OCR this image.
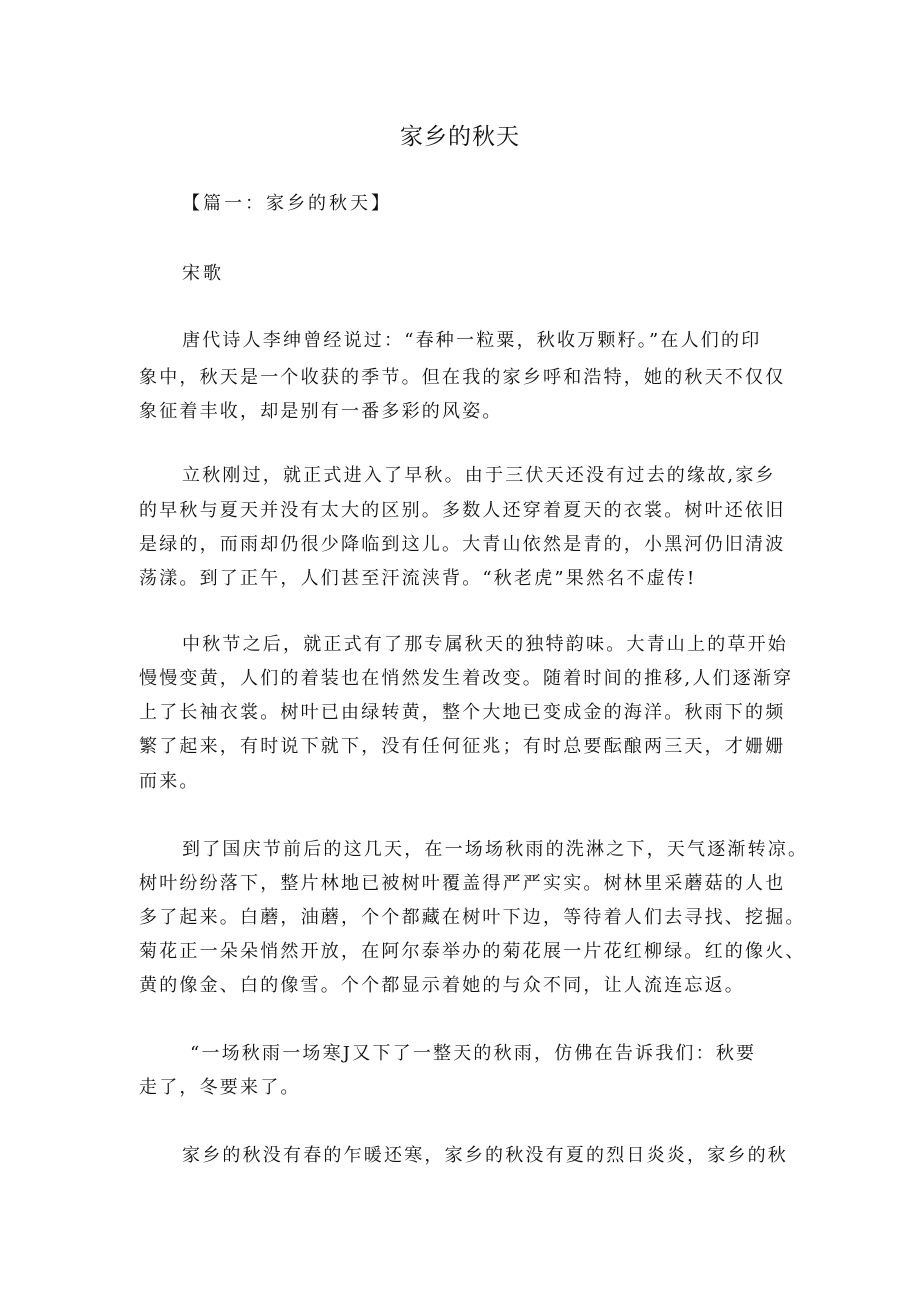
家乡的秋天
【篇一：家乡的秋天】
宋歌
唐代诗人李绅曾经说过：“春种一粒粟，秋收万颗籽。”在人们的印
象中，秋天是一个收获的季节。但在我的家乡呼和浩特，她的秋天不仅仅
象征着丰收，却是别有一番多彩的风姿。
立秋刚过，就正式进入了早秋。由于三伏天还没有过去的缘故,家乡
的早秋与夏天并没有太大的区别。多数人还穿着夏天的衣裳。树叶还依旧
是绿的，而雨却仍很少降临到这儿。大青山依然是青的，小黑河仍旧清波
荡漾。到了正午，人们甚至汗流浃背。“秋老虎”果然名不虚传!
中秋节之后，就正式有了那专属秋天的独特韵味。大青山上的草开始
慢慢变黄，人们的着装也在悄然发生着改变。随着时间的推移,人们逐渐穿
上了长袖衣裳。树叶已由绿转黄，整个大地已变成金的海洋。秋雨下的频
繁了起来，有时说下就下，没有任何征兆；有时总要酝酿两三天，才姗姗
而来。
到了国庆节前后的这几天，在一场场秋雨的洗淋之下，天气逐渐转凉。
树叶纷纷落下，整片林地已被树叶覆盖得严严实实。树林里采蘑菇的人也
多了起来。白蘑，油蘑，个个都藏在树叶下边，等待着人们去寻找、挖掘。
菊花正一朵朵悄然开放，在阿尔泰举办的菊花展一片花红柳绿。红的像火、
黄的像金、白的像雪。个个都显示着她的与众不同，让人流连忘返。
“一场秋雨一场寒J又下了一整天的秋雨，仿佛在告诉我们：秋要
走了，冬要来了。
家乡的秋没有春的乍暖还寒，家乡的秋没有夏的烈日炎炎，家乡的秋
